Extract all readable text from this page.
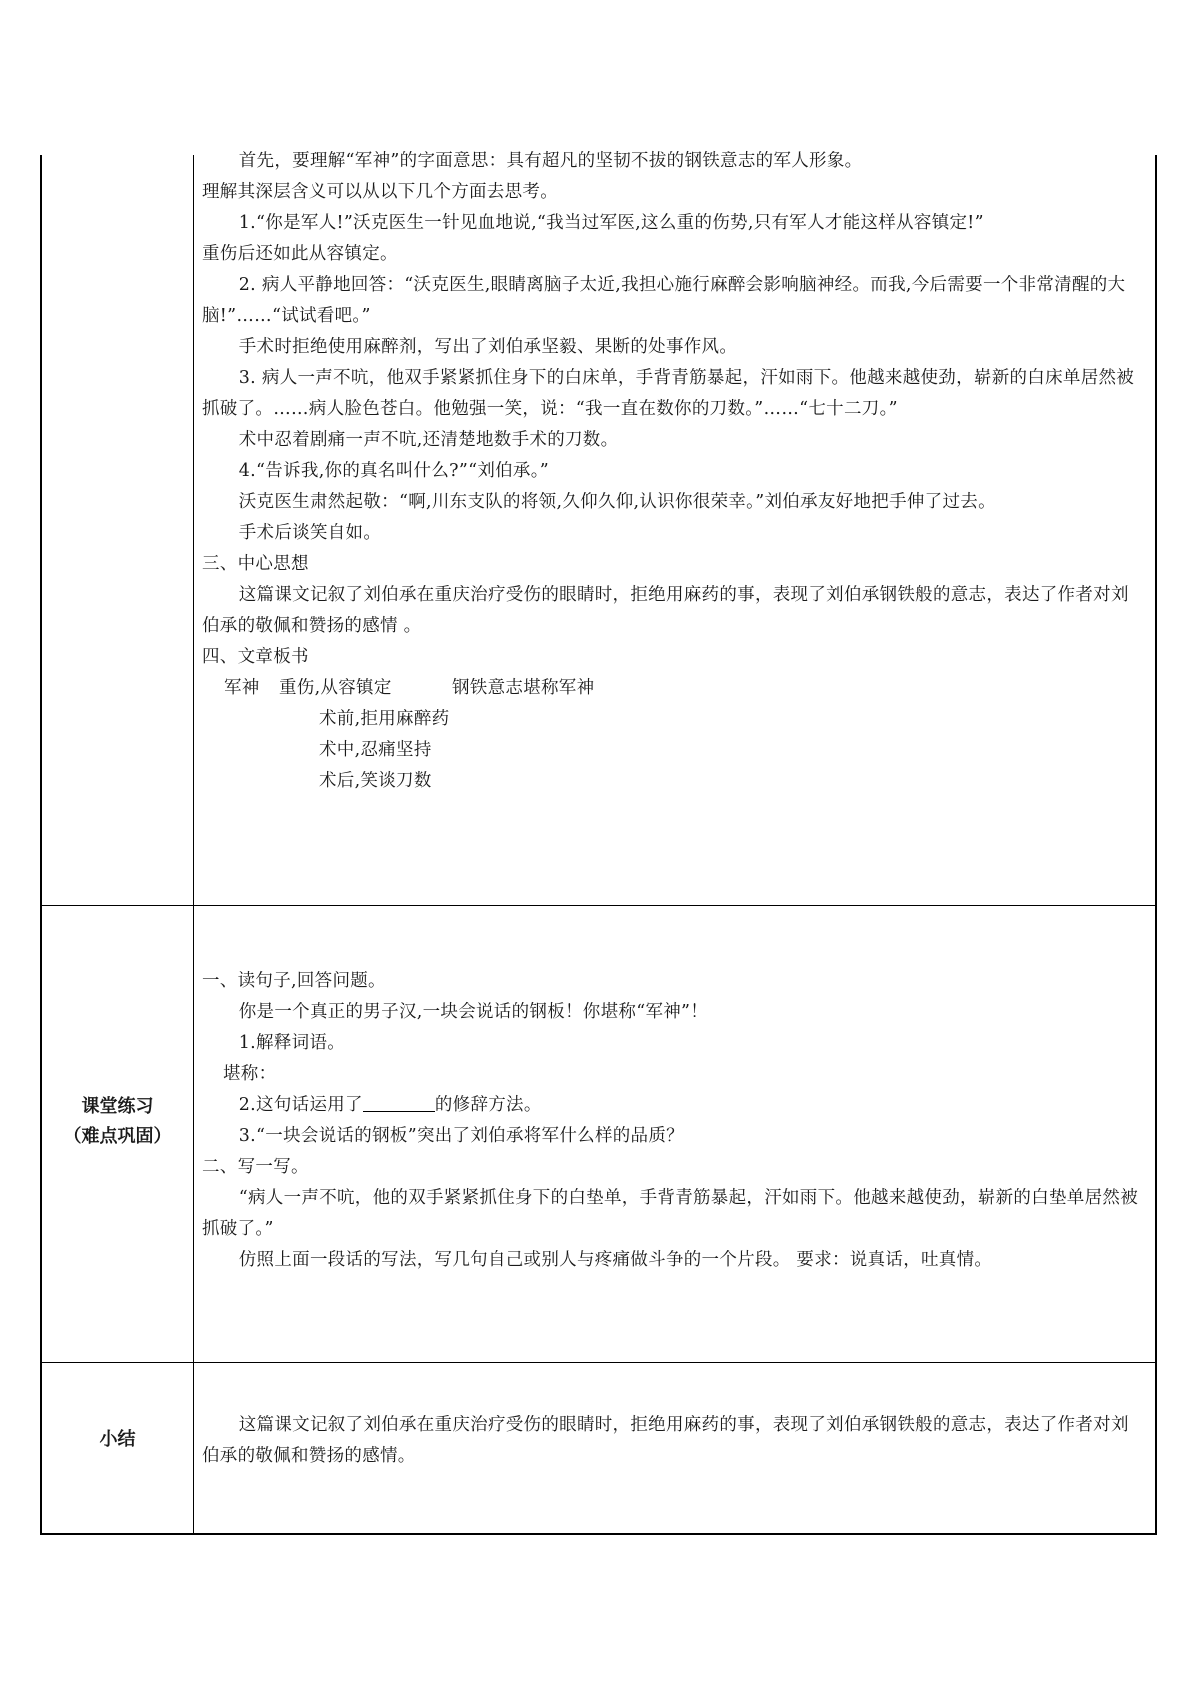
首先，要理解“军神”的字面意思：具有超凡的坚韧不拔的钢铁意志的军人形象。

理解其深层含义可以从以下几个方面去思考。

1.“你是军人!”沃克医生一针见血地说,“我当过军医,这么重的伤势,只有军人才能这样从容镇定!”

重伤后还如此从容镇定。

2. 病人平静地回答：“沃克医生,眼睛离脑子太近,我担心施行麻醉会影响脑神经。而我,今后需要一个非常清醒的大脑!”……“试试看吧。”

手术时拒绝使用麻醉剂，写出了刘伯承坚毅、果断的处事作风。

3. 病人一声不吭，他双手紧紧抓住身下的白床单，手背青筋暴起，汗如雨下。他越来越使劲，崭新的白床单居然被抓破了。……病人脸色苍白。他勉强一笑，说：“我一直在数你的刀数。”……“七十二刀。”

术中忍着剧痛一声不吭,还清楚地数手术的刀数。

4.“告诉我,你的真名叫什么?”“刘伯承。”

沃克医生肃然起敬：“啊,川东支队的将领,久仰久仰,认识你很荣幸。”刘伯承友好地把手伸了过去。

手术后谈笑自如。

三、中心思想

这篇课文记叙了刘伯承在重庆治疗受伤的眼睛时，拒绝用麻药的事，表现了刘伯承钢铁般的意志，表达了作者对刘伯承的敬佩和赞扬的感情 。

四、文章板书

军神 重伤,从容镇定	钢铁意志堪称军神
术前,拒用麻醉药
术中,忍痛坚持
术后,笑谈刀数
课堂练习
（难点巩固）

一、读句子,回答问题。

你是一个真正的男子汉,一块会说话的钢板！你堪称“军神”！

1.解释词语。

堪称：

2.这句话运用了	的修辞方法。

3.“一块会说话的钢板”突出了刘伯承将军什么样的品质？

二、写一写。

“病人一声不吭，他的双手紧紧抓住身下的白垫单，手背青筋暴起，汗如雨下。他越来越使劲，崭新的白垫单居然被抓破了。”

仿照上面一段话的写法，写几句自己或别人与疼痛做斗争的一个片段。 要求：说真话，吐真情。

小结

这篇课文记叙了刘伯承在重庆治疗受伤的眼睛时，拒绝用麻药的事，表现了刘伯承钢铁般的意志，表达了作者对刘伯承的敬佩和赞扬的感情。
